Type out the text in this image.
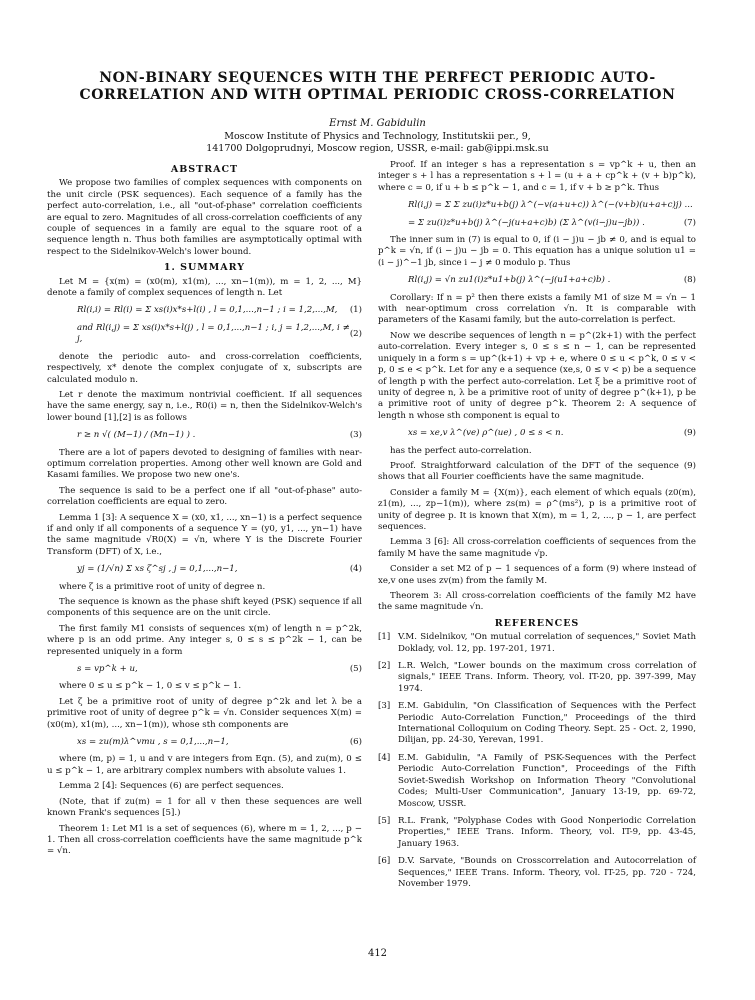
NON-BINARY SEQUENCES WITH THE PERFECT PERIODIC AUTO-CORRELATION AND WITH OPTIMAL PERIODIC CROSS-CORRELATION
Ernst M. Gabidulin
Moscow Institute of Physics and Technology, Institutskii per., 9,
141700 Dolgoprudnyi, Moscow region, USSR, e-mail: gab@ippi.msk.su
ABSTRACT

We propose two families of complex sequences with components on the unit circle (PSK sequences). Each sequence of a family has the perfect auto-correlation, i.e., all "out-of-phase" correlation coefficients are equal to zero. Magnitudes of all cross-correlation coefficients of any couple of sequences in a family are equal to the square root of a sequence length n. Thus both families are asymptotically optimal with respect to the Sidelnikov-Welch's lower bound.

1. SUMMARY

Let M = {x(m) = (x0(m), x1(m), ..., xn−1(m)), m = 1, 2, ..., M} denote a family of complex sequences of length n. Let

Rl(i,i) = Rl(i) = Σ xs(i)x*s+l(i) , l = 0,1,...,n−1 ; i = 1,2,...,M, (1)
and Rl(i,j) = Σ xs(i)x*s+l(j) , l = 0,1,...,n−1 ; i, j = 1,2,...,M, i ≠ j,
(2)

denote the periodic auto- and cross-correlation coefficients, respectively, x* denote the complex conjugate of x, subscripts are calculated modulo n.

Let r denote the maximum nontrivial coefficient. If all sequences have the same energy, say n, i.e., R0(i) = n, then the Sidelnikov-Welch's lower bound [1],[2] is as follows

r ≥ n √( (M−1) / (Mn−1) ) .	(3)

There are a lot of papers devoted to designing of families with near-optimum correlation properties. Among other well known are Gold and Kasami families. We propose two new one's.

The sequence is said to be a perfect one if all "out-of-phase" auto-correlation coefficients are equal to zero.

Lemma 1 [3]: A sequence X = (x0, x1, ..., xn−1) is a perfect sequence if and only if all components of a sequence Y = (y0, y1, ..., yn−1) have the same magnitude √R0(X) = √n, where Y is the Discrete Fourier Transform (DFT) of X, i.e.,

yj = (1/√n) Σ xs ζ^sj , j = 0,1,...,n−1,	(4)

where ζ is a primitive root of unity of degree n.

The sequence is known as the phase shift keyed (PSK) sequence if all components of this sequence are on the unit circle.

The first family M1 consists of sequences x(m) of length n = p^2k, where p is an odd prime. Any integer s, 0 ≤ s ≤ p^2k − 1, can be represented uniquely in a form

s = vp^k + u,	(5)

where 0 ≤ u ≤ p^k − 1, 0 ≤ v ≤ p^k − 1.

Let ζ be a primitive root of unity of degree p^2k and let λ be a primitive root of unity of degree p^k = √n. Consider sequences X(m) = (x0(m), x1(m), ..., xn−1(m)), whose sth components are

xs = zu(m)λ^vmu , s = 0,1,...,n−1,	(6)

where (m, p) = 1, u and v are integers from Eqn. (5), and zu(m), 0 ≤ u ≤ p^k − 1, are arbitrary complex numbers with absolute values 1.

Lemma 2 [4]: Sequences (6) are perfect sequences.

(Note, that if zu(m) = 1 for all v then these sequences are well known Frank's sequences [5].)

Theorem 1: Let M1 is a set of sequences (6), where m = 1, 2, ..., p − 1. Then all cross-correlation coefficients have the same magnitude p^k = √n.

Proof. If an integer s has a representation s = vp^k + u, then an integer s + l has a representation s + l = (u + a + cp^k + (v + b)p^k), where c = 0, if u + b ≤ p^k − 1, and c = 1, if v + b ≥ p^k. Thus

Rl(i,j) = Σ Σ zu(i)z*u+b(j) λ^(−v(a+u+c)) λ^(−(v+b)(u+a+c)j) ...
= Σ zu(i)z*u+b(j) λ^(−j(u+a+c)b) (Σ λ^(v(i−j)u−jb)) .	(7)

The inner sum in (7) is equal to 0, if (i − j)u − jb ≠ 0, and is equal to p^k = √n, if (i − j)u − jb = 0. This equation has a unique solution u1 = (i − j)^−1 jb, since i − j ≠ 0 modulo p. Thus

Rl(i,j) = √n zu1(i)z*u1+b(j) λ^(−j(u1+a+c)b) .	(8)

Corollary: If n = p² then there exists a family M1 of size M = √n − 1 with near-optimum cross correlation √n. It is comparable with parameters of the Kasami family, but the auto-correlation is perfect.

Now we describe sequences of length n = p^(2k+1) with the perfect auto-correlation. Every integer s, 0 ≤ s ≤ n − 1, can be represented uniquely in a form s = up^(k+1) + vp + e, where 0 ≤ u < p^k, 0 ≤ v < p, 0 ≤ e < p^k. Let for any e a sequence (xe,s, 0 ≤ v < p) be a sequence of length p with the perfect auto-correlation. Let ξ be a primitive root of unity of degree n, λ be a primitive root of unity of degree p^(k+1), p be a primitive root of unity of degree p^k. Theorem 2: A sequence of length n whose sth component is equal to

xs = xe,v λ^(ve) ρ^(ue) , 0 ≤ s < n.	(9)

has the perfect auto-correlation.

Proof. Straightforward calculation of the DFT of the sequence (9) shows that all Fourier coefficients have the same magnitude.

Consider a family M = {X(m)}, each element of which equals (z0(m), z1(m), ..., zp−1(m)), where zs(m) = ρ^(ms²), p is a primitive root of unity of degree p. It is known that X(m), m = 1, 2, ..., p − 1, are perfect sequences.

Lemma 3 [6]: All cross-correlation coefficients of sequences from the family M have the same magnitude √p.

Consider a set M2 of p − 1 sequences of a form (9) where instead of xe,v one uses zv(m) from the family M.

Theorem 3: All cross-correlation coefficients of the family M2 have the same magnitude √n.

REFERENCES
[1] V.M. Sidelnikov, "On mutual correlation of sequences," Soviet Math Doklady, vol. 12, pp. 197-201, 1971.
[2] L.R. Welch, "Lower bounds on the maximum cross correlation of signals," IEEE Trans. Inform. Theory, vol. IT-20, pp. 397-399, May 1974.
[3] E.M. Gabidulin, "On Classification of Sequences with the Perfect Periodic Auto-Correlation Function," Proceedings of the third International Colloquium on Coding Theory. Sept. 25 - Oct. 2, 1990, Dilijan, pp. 24-30, Yerevan, 1991.
[4] E.M. Gabidulin, "A Family of PSK-Sequences with the Perfect Periodic Auto-Correlation Function", Proceedings of the Fifth Soviet-Swedish Workshop on Information Theory "Convolutional Codes; Multi-User Communication", January 13-19, pp. 69-72, Moscow, USSR.
[5] R.L. Frank, "Polyphase Codes with Good Nonperiodic Correlation Properties," IEEE Trans. Inform. Theory, vol. IT-9, pp. 43-45, January 1963.
[6] D.V. Sarvate, "Bounds on Crosscorrelation and Autocorrelation of Sequences," IEEE Trans. Inform. Theory, vol. IT-25, pp. 720 - 724, November 1979.
412
